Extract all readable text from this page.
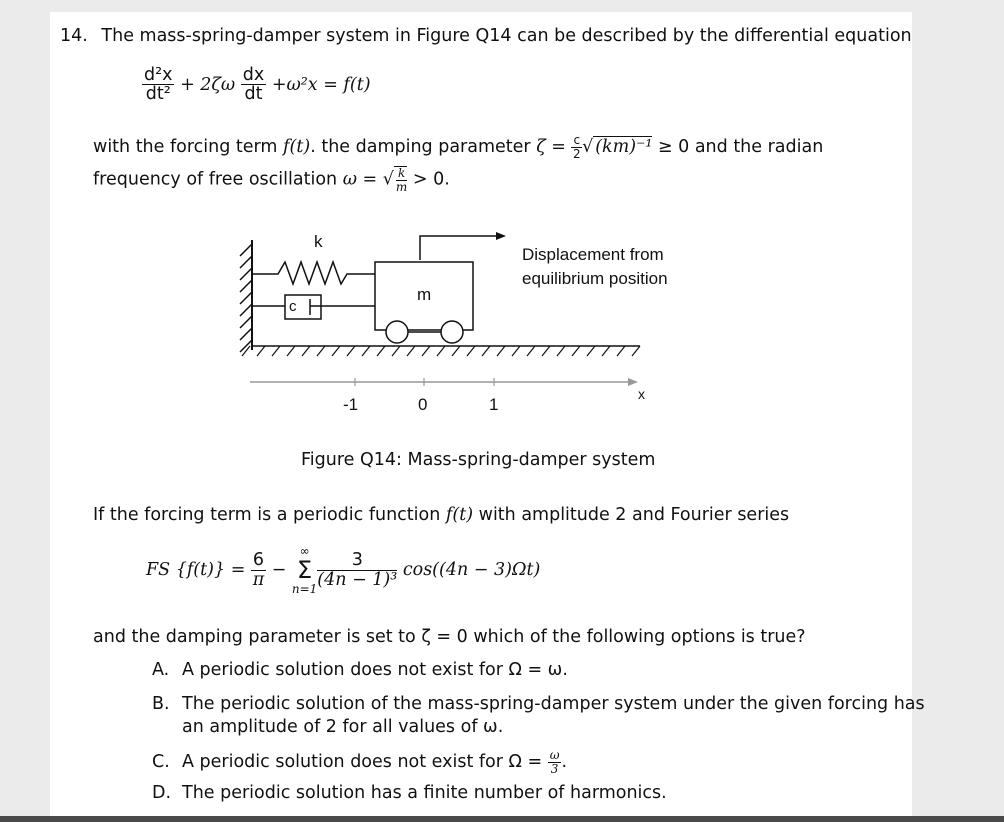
14. The mass-spring-damper system in Figure Q14 can be described by the differential equation
$\frac{\text{d²x}}{\text{dt²}} + 2\zeta\omega \frac{dx}{dt} +\omega^2x = f(t)$
with the forcing term f(t). the damping parameter $\zeta = \frac{c}{2}$ √ (km)⁻¹ ≥ 0 and the radian
frequency of free oscillation ω = √ $\frac{k}{m} > 0$.
k
c
m
Displacement from
equilibrium position
-1	0	1
x
Figure Q14: Mass-spring-damper system
If the forcing term is a periodic function f(t) with amplitude 2 and Fourier series
FS $\{f(t)\} = \frac{6}{\pi}$ −
∞
Σ
$n=1 \frac{3}{\text{(4n − 1)³}} \cos((4n - 3)\Omega t)$
and the damping parameter is set to ζ = 0 which of the following options is true?
A. A periodic solution does not exist for Ω = ω.
B. The periodic solution of the mass-spring-damper system under the given forcing has
an amplitude of 2 for all values of ω.
C. A periodic solution does not exist for $\Omega = \frac{\omega}{3}$ .
D. The periodic solution has a finite number of harmonics.
